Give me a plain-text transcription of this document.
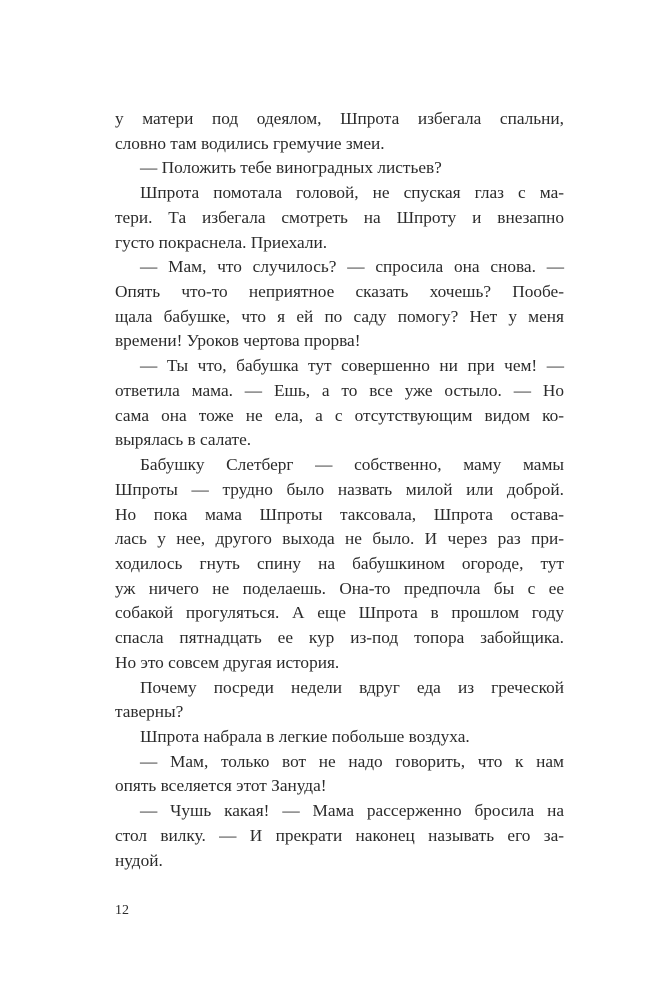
у матери под одеялом, Шпрота избегала спальни,
словно там водились гремучие змеи.
— Положить тебе виноградных листьев?
Шпрота помотала головой, не спуская глаз с ма-
тери. Та избегала смотреть на Шпроту и внезапно
густо покраснела. Приехали.
— Мам, что случилось? — спросила она снова. —
Опять что-то неприятное сказать хочешь? Пообе-
щала бабушке, что я ей по саду помогу? Нет у меня
времени! Уроков чертова прорва!
— Ты что, бабушка тут совершенно ни при чем! —
ответила мама. — Ешь, а то все уже остыло. — Но
сама она тоже не ела, а с отсутствующим видом ко-
вырялась в салате.
Бабушку Слетберг — собственно, маму мамы
Шпроты — трудно было назвать милой или доброй.
Но пока мама Шпроты таксовала, Шпрота остава-
лась у нее, другого выхода не было. И через раз при-
ходилось гнуть спину на бабушкином огороде, тут
уж ничего не поделаешь. Она-то предпочла бы с ее
собакой прогуляться. А еще Шпрота в прошлом году
спасла пятнадцать ее кур из-под топора забойщика.
Но это совсем другая история.
Почему посреди недели вдруг еда из греческой
таверны?
Шпрота набрала в легкие побольше воздуха.
— Мам, только вот не надо говорить, что к нам
опять вселяется этот Зануда!
— Чушь какая! — Мама рассерженно бросила на
стол вилку. — И прекрати наконец называть его за-
нудой.
12
